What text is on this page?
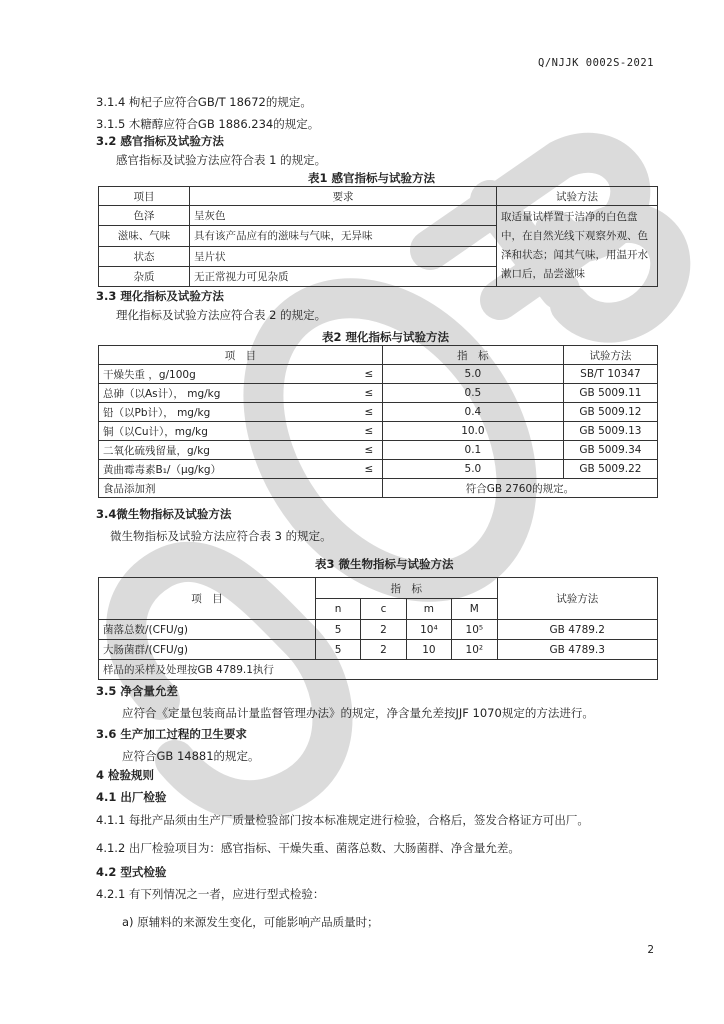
Q/NJJK 0002S-2021
3.1.4 枸杞子应符合GB/T 18672的规定。
3.1.5 木糖醇应符合GB 1886.234的规定。
3.2 感官指标及试验方法
感官指标及试验方法应符合表 1 的规定。
表1 感官指标与试验方法
项目	要求	试验方法
色泽	呈灰色	取适量试样置于洁净的白色盘
中，在自然光线下观察外观、色
泽和状态；闻其气味，用温开水
漱口后，品尝滋味

滋味、气味	具有该产品应有的滋味与气味，无异味	
状态	呈片状	
杂质	无正常视力可见杂质	
3.3 理化指标及试验方法
理化指标及试验方法应符合表 2 的规定。
表2 理化指标与试验方法
项　目		指　标	试验方法
干燥失重 ，g/100g	≤	5.0	SB/T 10347
总砷（以As计）， mg/kg	≤	0.5	GB 5009.11
铅（以Pb计）， mg/kg	≤	0.4	GB 5009.12
铜（以Cu计），mg/kg	≤	10.0	GB 5009.13
二氧化硫残留量，g/kg	≤	0.1	GB 5009.34
黄曲霉毒素B₁/（μg/kg）	≤	5.0	GB 5009.22
食品添加剂		符合GB 2760的规定。	
3.4微生物指标及试验方法
微生物指标及试验方法应符合表 3 的规定。
表3 微生物指标与试验方法
项　目	指　标				试验方法
	n	c	m	M	
菌落总数/(CFU/g)	5	2	10⁴	10⁵	GB 4789.2
大肠菌群/(CFU/g)	5	2	10	10²	GB 4789.3
样品的采样及处理按GB 4789.1执行					
3.5 净含量允差
应符合《定量包装商品计量监督管理办法》的规定，净含量允差按JJF 1070规定的方法进行。
3.6 生产加工过程的卫生要求
应符合GB 14881的规定。
4 检验规则
4.1 出厂检验
4.1.1 每批产品须由生产厂质量检验部门按本标准规定进行检验，合格后，签发合格证方可出厂。
4.1.2 出厂检验项目为：感官指标、干燥失重、菌落总数、大肠菌群、净含量允差。
4.2 型式检验
4.2.1 有下列情况之一者，应进行型式检验：
a) 原辅料的来源发生变化，可能影响产品质量时；
2
